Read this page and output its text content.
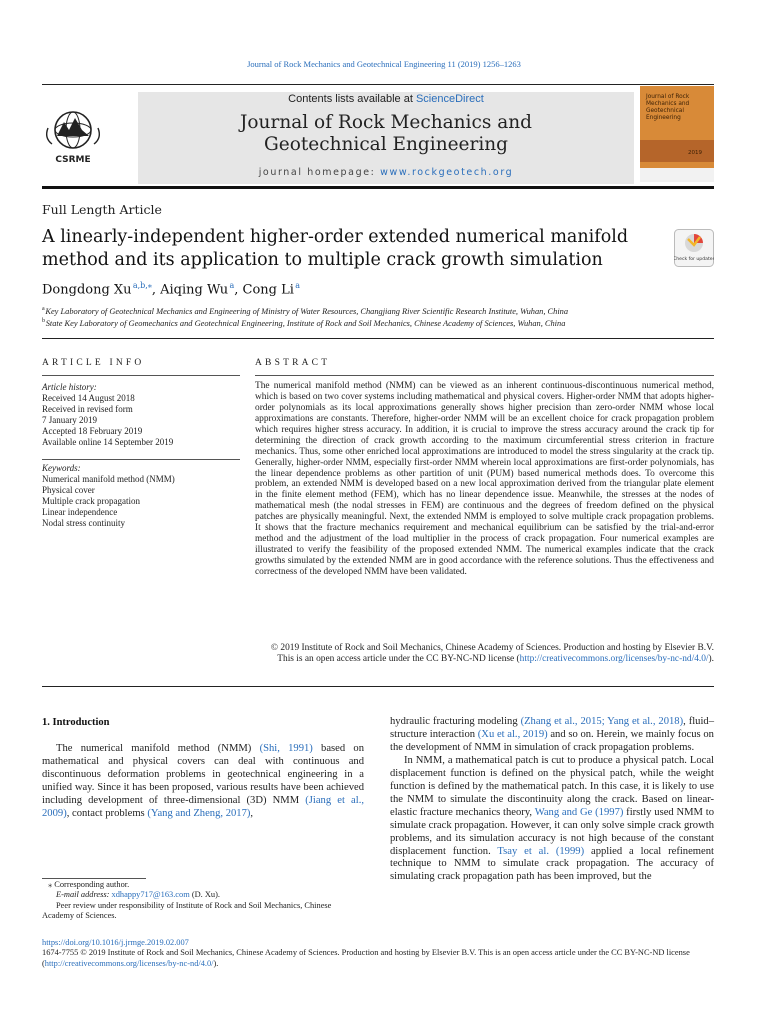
Journal of Rock Mechanics and Geotechnical Engineering 11 (2019) 1256–1263
CSRME
Contents lists available at ScienceDirect
Journal of Rock Mechanics and
Geotechnical Engineering
journal homepage: www.rockgeotech.org
Journal of Rock Mechanics and Geotechnical Engineering
2019
Full Length Article
A linearly-independent higher-order extended numerical manifold
method and its application to multiple crack growth simulation	Check for updates
Dongdong Xu $^{a,b,⁎}$, Aiqing Wu $^a$, Cong Li $^a$
$^a$ Key Laboratory of Geotechnical Mechanics and Engineering of Ministry of Water Resources, Changjiang River Scientific Research Institute, Wuhan, China
$^b$ State Key Laboratory of Geomechanics and Geotechnical Engineering, Institute of Rock and Soil Mechanics, Chinese Academy of Sciences, Wuhan, China
ARTICLE INFO
Article history:
Received 14 August 2018
Received in revised form
7 January 2019
Accepted 18 February 2019
Available online 14 September 2019
Keywords:
Numerical manifold method (NMM)
Physical cover
Multiple crack propagation
Linear independence
Nodal stress continuity
ABSTRACT
The numerical manifold method (NMM) can be viewed as an inherent continuous-discontinuous numerical method, which is based on two cover systems including mathematical and physical covers. Higher-order NMM that adopts higher-order polynomials as its local approximations generally shows higher precision than zero-order NMM whose local approximations are constants. Therefore, higher-order NMM will be an excellent choice for crack propagation problem which requires higher stress accuracy. In addition, it is crucial to improve the stress accuracy around the crack tip for determining the direction of crack growth according to the maximum circumferential stress criterion in fracture mechanics. Thus, some other enriched local approximations are introduced to model the stress singularity at the crack tip. Generally, higher-order NMM, especially first-order NMM wherein local approximations are first-order polynomials, has the linear dependence problems as other partition of unit (PUM) based numerical methods does. To overcome this problem, an extended NMM is developed based on a new local approximation derived from the triangular plate element in the finite element method (FEM), which has no linear dependence issue. Meanwhile, the stresses at the nodes of mathematical mesh (the nodal stresses in FEM) are continuous and the degrees of freedom defined on the physical patches are physically meaningful. Next, the extended NMM is employed to solve multiple crack propagation problems. It shows that the fracture mechanics requirement and mechanical equilibrium can be satisfied by the trial-and-error method and the adjustment of the load multiplier in the process of crack propagation. Four numerical examples are illustrated to verify the feasibility of the proposed extended NMM. The numerical examples indicate that the crack growths simulated by the extended NMM are in good accordance with the reference solutions. Thus the effectiveness and correctness of the developed NMM have been validated.
© 2019 Institute of Rock and Soil Mechanics, Chinese Academy of Sciences. Production and hosting by Elsevier B.V. This is an open access article under the CC BY-NC-ND license (http://creativecommons.org/licenses/by-nc-nd/4.0/).
1. Introduction
The numerical manifold method (NMM) (Shi, 1991) based on mathematical and physical covers can deal with continuous and discontinuous deformation problems in geotechnical engineering in a unified way. Since it has been proposed, various results have been achieved including development of three-dimensional (3D) NMM (Jiang et al., 2009), contact problems (Yang and Zheng, 2017),
hydraulic fracturing modeling (Zhang et al., 2015; Yang et al., 2018), fluid–structure interaction (Xu et al., 2019) and so on. Herein, we mainly focus on the development of NMM in simulation of crack propagation problems.
In NMM, a mathematical patch is cut to produce a physical patch. Local displacement function is defined on the physical patch, while the weight function is defined by the mathematical patch. In this case, it is likely to use the NMM to simulate the discontinuity along the crack. Based on linear-elastic fracture mechanics theory, Wang and Ge (1997) firstly used NMM to simulate crack propagation. However, it can only solve simple crack growth problems, and its simulation accuracy is not high because of the constant displacement function. Tsay et al. (1999) applied a local refinement technique to NMM to simulate crack propagation. The accuracy of simulating crack propagation path has been improved, but the
⁎ Corresponding author.
E-mail address: xdhappy717@163.com (D. Xu).
Peer review under responsibility of Institute of Rock and Soil Mechanics, Chinese Academy of Sciences.
https://doi.org/10.1016/j.jrmge.2019.02.007
1674-7755 © 2019 Institute of Rock and Soil Mechanics, Chinese Academy of Sciences. Production and hosting by Elsevier B.V. This is an open access article under the CC BY-NC-ND license (http://creativecommons.org/licenses/by-nc-nd/4.0/).
